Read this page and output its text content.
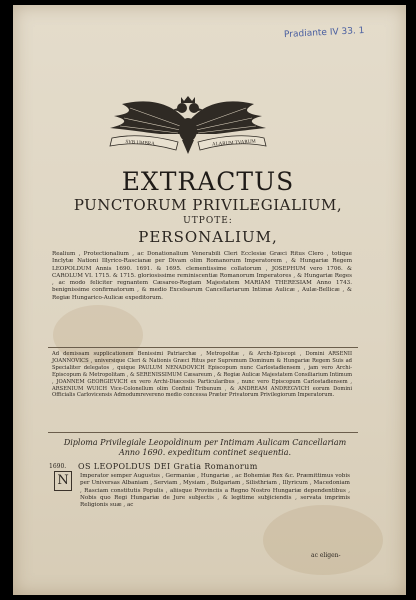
Pradiante IV 33. 1
SVB UMBRA	ALARUM TVARUM
EXTRACTUS
PUNCTORUM PRIVILEGIALIUM,
UTPOTE:
PERSONALIUM,
Realium , Protectionalium , ac Donationalium Venerabili Cleri Ecclesiæ Græci Ritus Clero , totique Inclytæ Nationi Illyrico-Rascianæ per Divam olim Romanorum Imperatorem , & Hungariæ Regem LEOPOLDUM Annis 1690. 1691. & 1695. clementissime collatorum , JOSEPHUM vero 1706. & CAROLUM VI. 1715. & 1715. gloriosissime reminiscentiæ Romanorum Imperatores , & Hungariæ Reges , ac modo feliciter regnantem Cæsareo-Regiam Majestatem MARIAM THERESIAM Anno 1743. benignissime confirmatorum , & medio Excelsarum Cancellariarum Intimæ Aulicæ , Aulæ-Bellicæ , & Regiæ Hungarico-Aulicæ expeditorum.
Ad demissam supplicationem Benissimi Patriarchæ , Metropolitæ , & Archi-Episcopi , Domini ARSENII JOANNOVICS , universique Cleri & Nationis Græci Ritus per Supremum Dominum & Hungariæ Regem Suis ad Specialiter delegatos , quique PAULUM NENADOVICH Episcopum nunc Carlostadiensem , jam vero Archi-Episcopum & Metropolitam , & SERENISSIMUM Cæsareum , & Regiæ Aulicæ Majestatem Consiliarium Intimum , JOANNEM GEORGIEVICH ex vero Archi-Diæcesiis Particularibus , nunc vero Episcopum Carlostadiensem , ARSENIUM WUICH Vice-Colonellum olim Confinii Tribunum , & ANDREAM ANDREGVICH eorum Domini Officialis Carlovicensis Admodumrevereno medio concessa Præter Privatorum Privilegiorum Imperatorum.
Diploma Privilegiale Leopoldinum per Intimam Aulicam Cancellariam Anno 1690. expeditum continet sequentia.
1690.
N
OS LEOPOLDUS DEI Gratia Romanorum
Imperator semper Augustus , Germaniæ , Hungariæ , ac Bohemiæ Rex &c. Præmittimus vobis per Universas Albaniam , Serviam , Mysiam , Bulgariam , Silisthriam , Illyricum , Macedoniam , Rasciam constitutis Populis , aliisque Provinciis a Regno Nostro Hungariæ dependentibus , Nobis quo Regi Hungariæ de Jure subjectis , & legitime subjiciendis , servata imprimis Religionis suæ , ac
ac eligen-
